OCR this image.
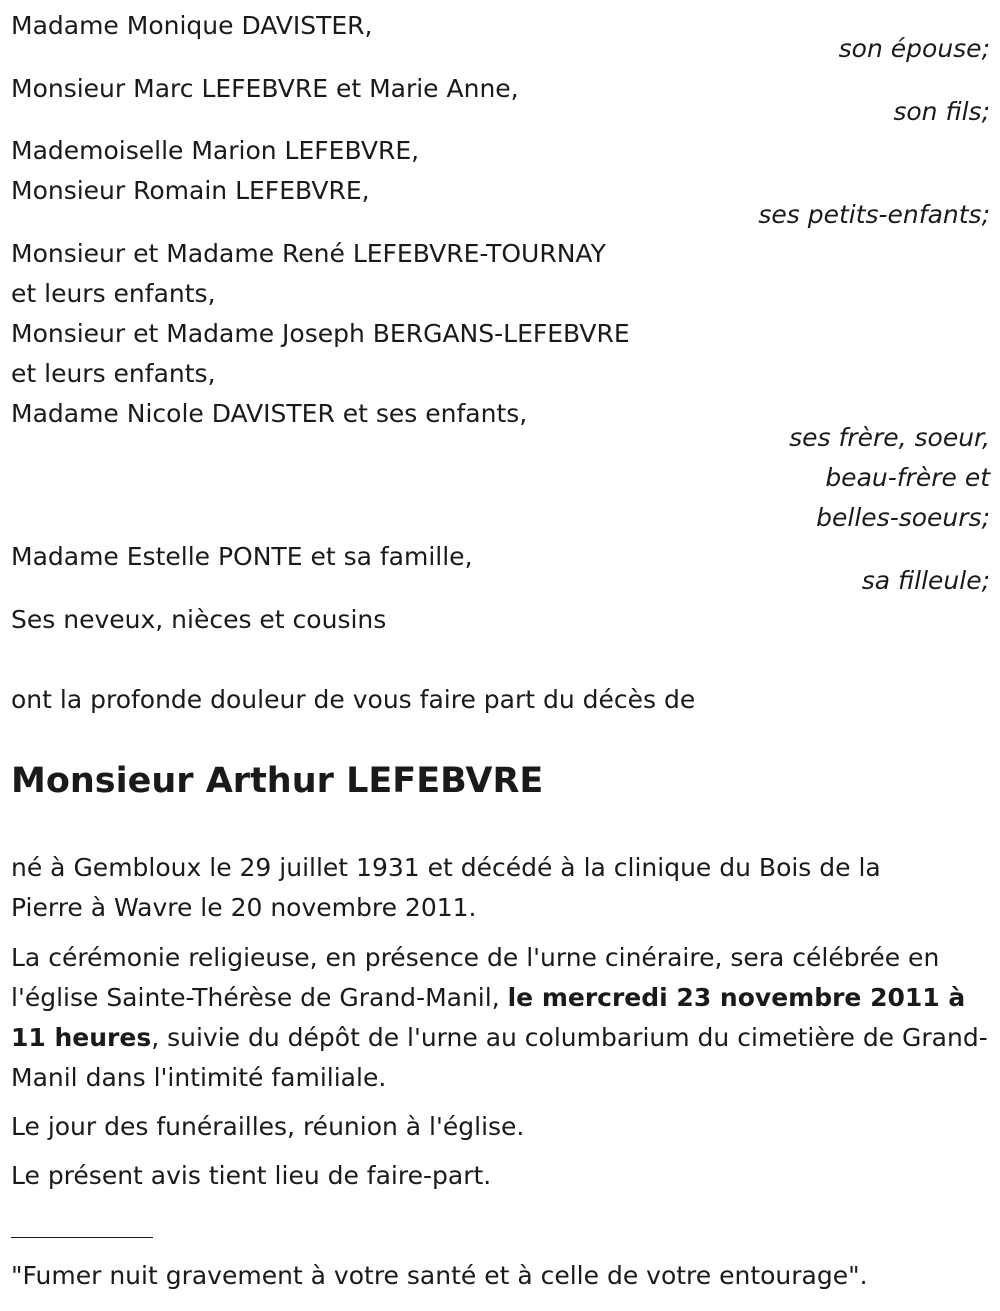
Madame Monique DAVISTER,
son épouse;
Monsieur Marc LEFEBVRE et Marie Anne,
son fils;
Mademoiselle Marion LEFEBVRE,
Monsieur Romain LEFEBVRE,
ses petits-enfants;
Monsieur et Madame René LEFEBVRE-TOURNAY
et leurs enfants,
Monsieur et Madame Joseph BERGANS-LEFEBVRE
et leurs enfants,
Madame Nicole DAVISTER et ses enfants,
ses frère, soeur,
beau-frère et
belles-soeurs;
Madame Estelle PONTE et sa famille,
sa filleule;
Ses neveux, nièces et cousins
ont la profonde douleur de vous faire part du décès de
Monsieur Arthur LEFEBVRE
né à Gembloux le 29 juillet 1931 et décédé à la clinique du Bois de la Pierre à Wavre le 20 novembre 2011.
La cérémonie religieuse, en présence de l'urne cinéraire, sera célébrée en l'église Sainte-Thérèse de Grand-Manil, le mercredi 23 novembre 2011 à 11 heures, suivie du dépôt de l'urne au columbarium du cimetière de Grand-Manil dans l'intimité familiale.
Le jour des funérailles, réunion à l'église.
Le présent avis tient lieu de faire-part.
"Fumer nuit gravement à votre santé et à celle de votre entourage".
